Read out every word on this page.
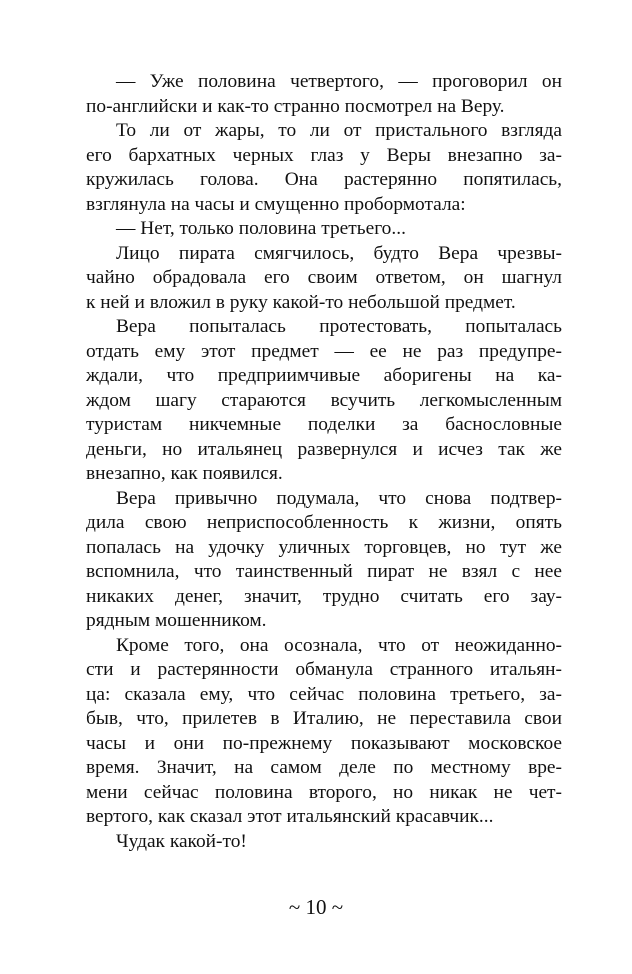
— Уже половина четвертого, — проговорил он
по-английски и как-то странно посмотрел на Веру.

То ли от жары, то ли от пристального взгляда
его бархатных черных глаз у Веры внезапно за-
кружилась голова. Она растерянно попятилась,
взглянула на часы и смущенно пробормотала:

— Нет, только половина третьего...

Лицо пирата смягчилось, будто Вера чрезвы-
чайно обрадовала его своим ответом, он шагнул
к ней и вложил в руку какой-то небольшой предмет.

Вера попыталась протестовать, попыталась
отдать ему этот предмет — ее не раз предупре-
ждали, что предприимчивые аборигены на ка-
ждом шагу стараются всучить легкомысленным
туристам никчемные поделки за баснословные
деньги, но итальянец развернулся и исчез так же
внезапно, как появился.

Вера привычно подумала, что снова подтвер-
дила свою неприспособленность к жизни, опять
попалась на удочку уличных торговцев, но тут же
вспомнила, что таинственный пират не взял с нее
никаких денег, значит, трудно считать его зау-
рядным мошенником.

Кроме того, она осознала, что от неожиданно-
сти и растерянности обманула странного итальян-
ца: сказала ему, что сейчас половина третьего, за-
быв, что, прилетев в Италию, не переставила свои
часы и они по-прежнему показывают московское
время. Значит, на самом деле по местному вре-
мени сейчас половина второго, но никак не чет-
вертого, как сказал этот итальянский красавчик...

Чудак какой-то!

~ 10 ~
